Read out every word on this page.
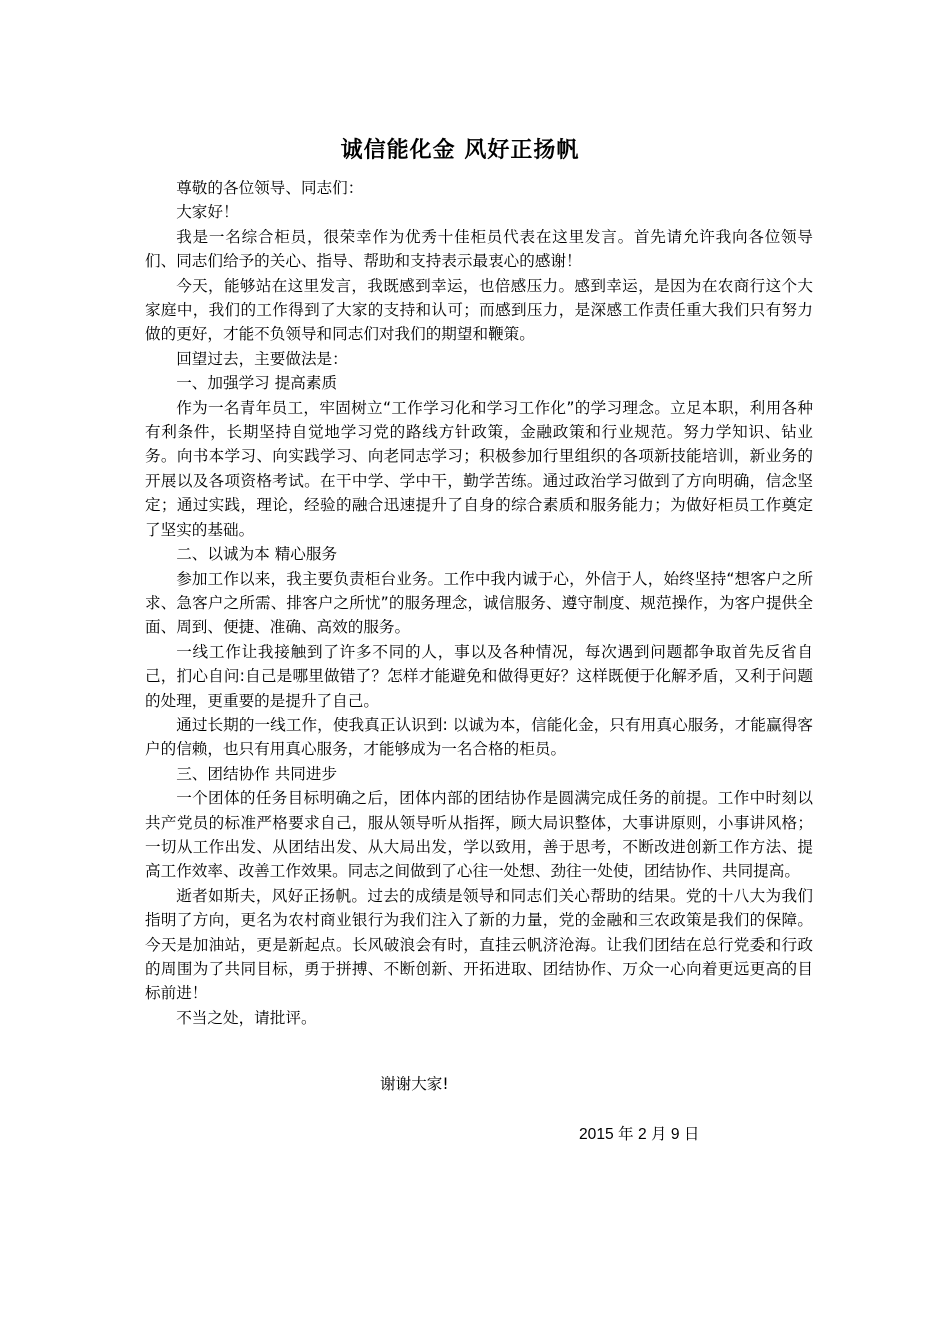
诚信能化金 风好正扬帆

尊敬的各位领导、同志们：

大家好！

我是一名综合柜员，很荣幸作为优秀十佳柜员代表在这里发言。首先请允许我向各位领导们、同志们给予的关心、指导、帮助和支持表示最衷心的感谢！

今天，能够站在这里发言，我既感到幸运，也倍感压力。感到幸运，是因为在农商行这个大家庭中，我们的工作得到了大家的支持和认可；而感到压力，是深感工作责任重大我们只有努力做的更好，才能不负领导和同志们对我们的期望和鞭策。

回望过去，主要做法是：

一、加强学习 提高素质

作为一名青年员工，牢固树立“工作学习化和学习工作化”的学习理念。立足本职，利用各种有利条件，长期坚持自觉地学习党的路线方针政策，金融政策和行业规范。努力学知识、钻业务。向书本学习、向实践学习、向老同志学习；积极参加行里组织的各项新技能培训，新业务的开展以及各项资格考试。在干中学、学中干，勤学苦练。通过政治学习做到了方向明确，信念坚定；通过实践，理论，经验的融合迅速提升了自身的综合素质和服务能力；为做好柜员工作奠定了坚实的基础。

二、以诚为本 精心服务

参加工作以来，我主要负责柜台业务。工作中我内诚于心，外信于人，始终坚持“想客户之所求、急客户之所需、排客户之所忧”的服务理念，诚信服务、遵守制度、规范操作，为客户提供全面、周到、便捷、准确、高效的服务。

一线工作让我接触到了许多不同的人，事以及各种情况，每次遇到问题都争取首先反省自己，扪心自问:自己是哪里做错了？怎样才能避免和做得更好？这样既便于化解矛盾，又利于问题的处理，更重要的是提升了自己。

通过长期的一线工作，使我真正认识到: 以诚为本，信能化金，只有用真心服务，才能赢得客户的信赖，也只有用真心服务，才能够成为一名合格的柜员。

三、团结协作 共同进步

一个团体的任务目标明确之后，团体内部的团结协作是圆满完成任务的前提。工作中时刻以共产党员的标准严格要求自己，服从领导听从指挥，顾大局识整体，大事讲原则，小事讲风格；一切从工作出发、从团结出发、从大局出发，学以致用，善于思考，不断改进创新工作方法、提高工作效率、改善工作效果。同志之间做到了心往一处想、劲往一处使，团结协作、共同提高。

逝者如斯夫，风好正扬帆。过去的成绩是领导和同志们关心帮助的结果。党的十八大为我们指明了方向，更名为农村商业银行为我们注入了新的力量，党的金融和三农政策是我们的保障。今天是加油站，更是新起点。长风破浪会有时，直挂云帆济沧海。让我们团结在总行党委和行政的周围为了共同目标，勇于拼搏、不断创新、开拓进取、团结协作、万众一心向着更远更高的目标前进！

不当之处，请批评。

谢谢大家!
2015 年 2 月 9 日
